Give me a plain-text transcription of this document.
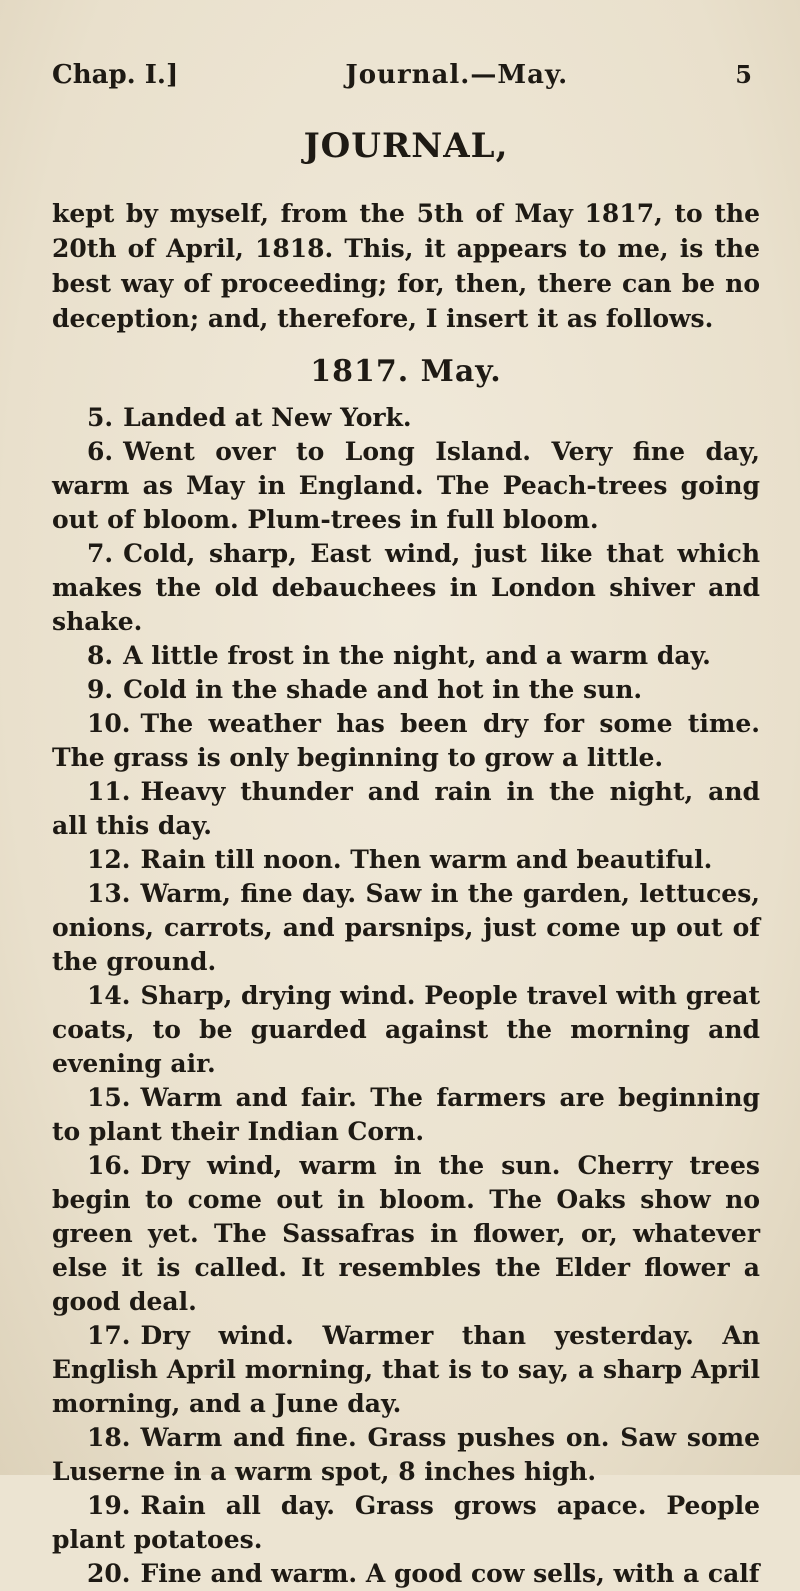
Chap. I.]	Journal.—May.	5
JOURNAL,

kept by myself, from the 5th of May 1817, to the 20th of April, 1818. This, it appears to me, is the best way of proceeding; for, then, there can be no deception; and, therefore, I insert it as follows.

1817. May.
5. Landed at New York.
6. Went over to Long Island. Very fine day, warm as May in England. The Peach-trees going out of bloom. Plum-trees in full bloom.
7. Cold, sharp, East wind, just like that which makes the old debauchees in London shiver and shake.
8. A little frost in the night, and a warm day.
9. Cold in the shade and hot in the sun.
10. The weather has been dry for some time. The grass is only beginning to grow a little.
11. Heavy thunder and rain in the night, and all this day.
12. Rain till noon. Then warm and beautiful.
13. Warm, fine day. Saw in the garden, lettuces, onions, carrots, and parsnips, just come up out of the ground.
14. Sharp, drying wind. People travel with great coats, to be guarded against the morning and evening air.
15. Warm and fair. The farmers are beginning to plant their Indian Corn.
16. Dry wind, warm in the sun. Cherry trees begin to come out in bloom. The Oaks show no green yet. The Sassafras in flower, or, whatever else it is called. It resembles the Elder flower a good deal.
17. Dry wind. Warmer than yesterday. An English April morning, that is to say, a sharp April morning, and a June day.
18. Warm and fine. Grass pushes on. Saw some Luserne in a warm spot, 8 inches high.
19. Rain all day. Grass grows apace. People plant potatoes.
20. Fine and warm. A good cow sells, with a calf
